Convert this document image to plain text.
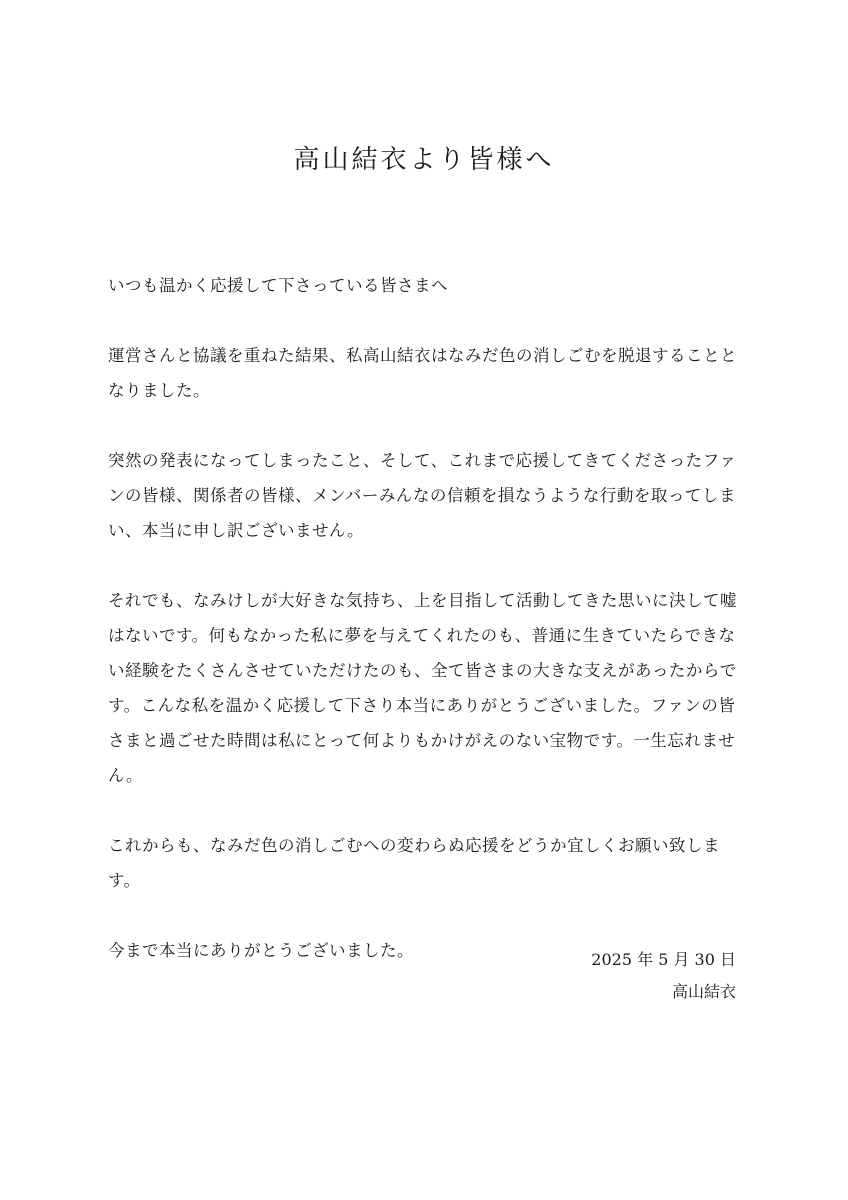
高山結衣より皆様へ

いつも温かく応援して下さっている皆さまへ

運営さんと協議を重ねた結果、私高山結衣はなみだ色の消しごむを脱退することとなりました。

突然の発表になってしまったこと、そして、これまで応援してきてくださったファンの皆様、関係者の皆様、メンバーみんなの信頼を損なうような行動を取ってしまい、本当に申し訳ございません。

それでも、なみけしが大好きな気持ち、上を目指して活動してきた思いに決して嘘はないです。何もなかった私に夢を与えてくれたのも、普通に生きていたらできない経験をたくさんさせていただけたのも、全て皆さまの大きな支えがあったからです。こんな私を温かく応援して下さり本当にありがとうございました。ファンの皆さまと過ごせた時間は私にとって何よりもかけがえのない宝物です。一生忘れません。

これからも、なみだ色の消しごむへの変わらぬ応援をどうか宜しくお願い致します。

今まで本当にありがとうございました。	2025 年 5 月 30 日
高山結衣
